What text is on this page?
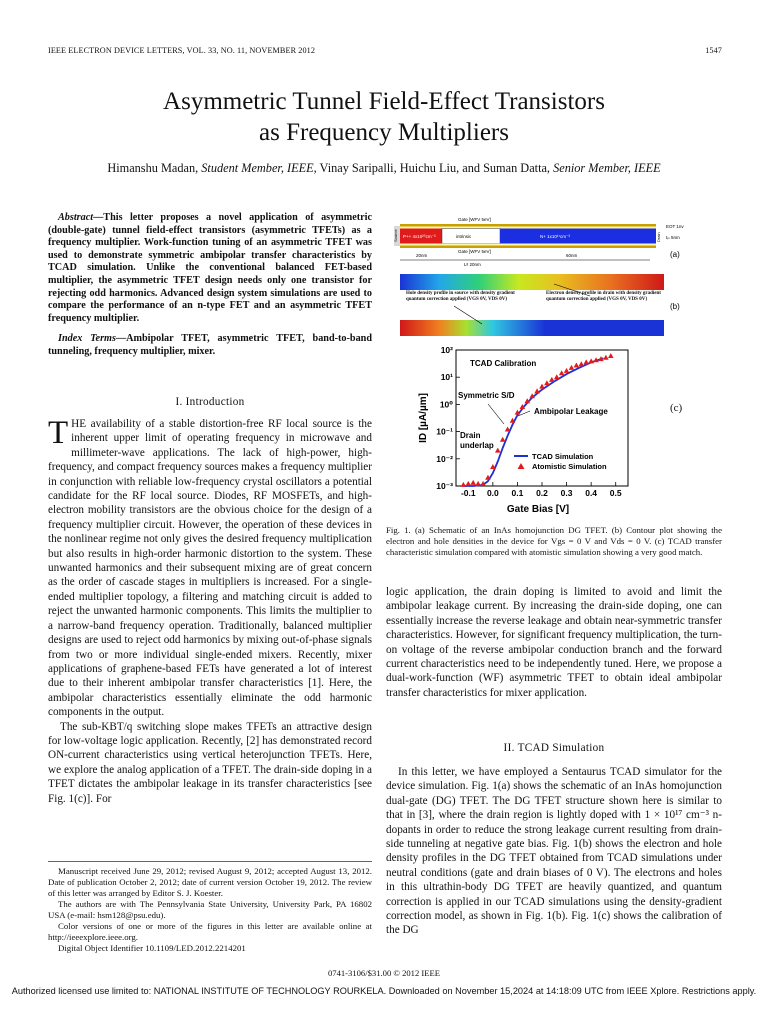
IEEE ELECTRON DEVICE LETTERS, VOL. 33, NO. 11, NOVEMBER 2012	1547
Asymmetric Tunnel Field-Effect Transistors
as Frequency Multipliers
Himanshu Madan, Student Member, IEEE, Vinay Saripalli, Huichu Liu, and Suman Datta, Senior Member, IEEE

Abstract—This letter proposes a novel application of asymmetric (double-gate) tunnel field-effect transistors (asymmetric TFETs) as a frequency multiplier. Work-function tuning of an asymmetric TFET was used to demonstrate symmetric ambipolar transfer characteristics by TCAD simulation. Unlike the conventional balanced FET-based multiplier, the asymmetric TFET design needs only one transistor for rejecting odd harmonics. Advanced design system simulations are used to compare the performance of an n-type FET and an asymmetric TFET frequency multiplier.

Index Terms—Ambipolar TFET, asymmetric TFET, band-to-band tunneling, frequency multiplier, mixer.

I. Introduction

THE availability of a stable distortion-free RF local source is the inherent upper limit of operating frequency in microwave and millimeter-wave applications. The lack of high-power, high-frequency, and compact frequency sources makes a frequency multiplier in conjunction with reliable low-frequency crystal oscillators a potential candidate for the RF local source. Diodes, RF MOSFETs, and high-electron mobility transistors are the obvious choice for the design of a frequency multiplier circuit. However, the operation of these devices in the nonlinear regime not only gives the desired frequency multiplication but also results in high-order harmonic distortion to the system. These unwanted harmonics and their subsequent mixing are of great concern as the order of cascade stages in multipliers is increased. For a single-ended multiplier topology, a filtering and matching circuit is added to reject the unwanted harmonic components. This limits the multiplier to a narrow-band frequency operation. Traditionally, balanced multiplier designs are used to reject odd harmonics by mixing out-of-phase signals from two or more individual single-ended mixers. Recently, mixer applications of graphene-based FETs have generated a lot of interest due to their inherent ambipolar transfer characteristics [1]. Here, the ambipolar characteristics essentially eliminate the odd harmonic components in the output.

The sub-KBT/q switching slope makes TFETs an attractive design for low-voltage logic application. Recently, [2] has demonstrated record ON-current characteristics using vertical heterojunction TFETs. Here, we explore the analog application of a TFET. The drain-side doping in a TFET dictates the ambipolar leakage in its transfer characteristics [see Fig. 1(c)]. For

Manuscript received June 29, 2012; revised August 9, 2012; accepted August 13, 2012. Date of publication October 2, 2012; date of current version October 19, 2012. The review of this letter was arranged by Editor S. J. Koester.

The authors are with The Pennsylvania State University, University Park, PA 16802 USA (e-mail: hsm128@psu.edu).

Color versions of one or more of the figures in this letter are available online at http://ieeexplore.ieee.org.

Digital Object Identifier 10.1109/LED.2012.2214201

Source	Drain
Gate [WFV 5eV]
Gate [WFV 5eV]
P++ 4x10²⁰cm⁻³	intrinsic	N+ 1x10¹⁷cm⁻³
EOT 1nv
tᵢₙ 5nm
20nm
Lᵍ 20nm
60nm	(a)
Hole density profile in source with density gradient quantum correction applied (VGS 0V, VDS 0V)
Electron density profile in drain with density gradient quantum correction applied (VGS 0V, VDS 0V)
(b)
-0.1 0.0 0.1 0.2 0.3 0.4 0.5
10⁻³
10⁻²
10⁻¹
10⁰
10¹
10²
Gate Bias [V]
ID [µA/µm]
TCAD Calibration
Symmetric S/D
Ambipolar Leakage
Drain underlap
TCAD Simulation
Atomistic Simulation
(c)
Fig. 1. (a) Schematic of an InAs homojunction DG TFET. (b) Contour plot showing the electron and hole densities in the device for Vgs = 0 V and Vds = 0 V. (c) TCAD transfer characteristic simulation compared with atomistic simulation showing a very good match.
logic application, the drain doping is limited to avoid and limit the ambipolar leakage current. By increasing the drain-side doping, one can essentially increase the reverse leakage and obtain near-symmetric transfer characteristics. However, for significant frequency multiplication, the turn-on voltage of the reverse ambipolar conduction branch and the forward current characteristics need to be independently tuned. Here, we propose a dual-work-function (WF) asymmetric TFET to obtain ideal ambipolar transfer characteristics for mixer application.
II. TCAD Simulation
In this letter, we have employed a Sentaurus TCAD simulator for the device simulation. Fig. 1(a) shows the schematic of an InAs homojunction dual-gate (DG) TFET. The DG TFET structure shown here is similar to that in [3], where the drain region is lightly doped with 1 × 10¹⁷ cm⁻³ n-dopants in order to reduce the strong leakage current resulting from drain-side tunneling at negative gate bias. Fig. 1(b) shows the electron and hole density profiles in the DG TFET obtained from TCAD simulations under neutral conditions (gate and drain biases of 0 V). The electrons and holes in this ultrathin-body DG TFET are heavily quantized, and quantum correction is applied in our TCAD simulations using the density-gradient correction model, as shown in Fig. 1(b). Fig. 1(c) shows the calibration of the DG
0741-3106/$31.00 © 2012 IEEE
Authorized licensed use limited to: NATIONAL INSTITUTE OF TECHNOLOGY ROURKELA. Downloaded on November 15,2024 at 14:18:09 UTC from IEEE Xplore. Restrictions apply.
